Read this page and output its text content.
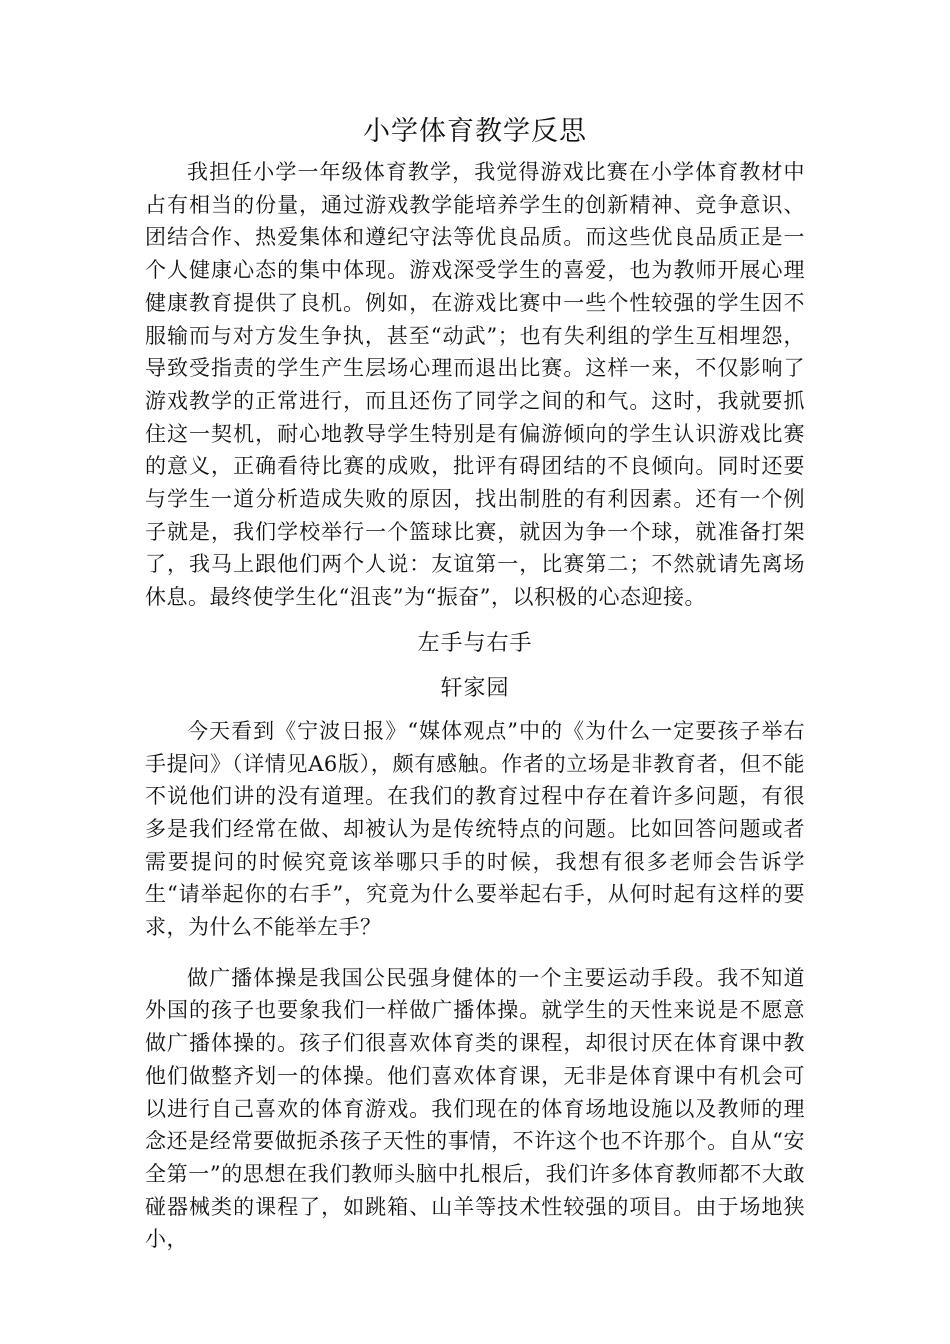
小学体育教学反思

我担任小学一年级体育教学，我觉得游戏比赛在小学体育教材中占有相当的份量，通过游戏教学能培养学生的创新精神、竞争意识、团结合作、热爱集体和遵纪守法等优良品质。而这些优良品质正是一个人健康心态的集中体现。游戏深受学生的喜爱，也为教师开展心理健康教育提供了良机。例如，在游戏比赛中一些个性较强的学生因不服输而与对方发生争执，甚至“动武”；也有失利组的学生互相埋怨，导致受指责的学生产生层场心理而退出比赛。这样一来，不仅影响了游戏教学的正常进行，而且还伤了同学之间的和气。这时，我就要抓住这一契机，耐心地教导学生特别是有偏游倾向的学生认识游戏比赛的意义，正确看待比赛的成败，批评有碍团结的不良倾向。同时还要与学生一道分析造成失败的原因，找出制胜的有利因素。还有一个例子就是，我们学校举行一个篮球比赛，就因为争一个球，就准备打架了，我马上跟他们两个人说：友谊第一，比赛第二；不然就请先离场休息。最终使学生化“沮丧”为“振奋”，以积极的心态迎接。

左手与右手

轩家园

今天看到《宁波日报》“媒体观点”中的《为什么一定要孩子举右手提问》（详情见A6版），颇有感触。作者的立场是非教育者，但不能不说他们讲的没有道理。在我们的教育过程中存在着许多问题，有很多是我们经常在做、却被认为是传统特点的问题。比如回答问题或者需要提问的时候究竟该举哪只手的时候，我想有很多老师会告诉学生“请举起你的右手”，究竟为什么要举起右手，从何时起有这样的要求，为什么不能举左手？

做广播体操是我国公民强身健体的一个主要运动手段。我不知道外国的孩子也要象我们一样做广播体操。就学生的天性来说是不愿意做广播体操的。孩子们很喜欢体育类的课程，却很讨厌在体育课中教他们做整齐划一的体操。他们喜欢体育课，无非是体育课中有机会可以进行自己喜欢的体育游戏。我们现在的体育场地设施以及教师的理念还是经常要做扼杀孩子天性的事情，不许这个也不许那个。自从“安全第一”的思想在我们教师头脑中扎根后，我们许多体育教师都不大敢碰器械类的课程了，如跳箱、山羊等技术性较强的项目。由于场地狭小，
